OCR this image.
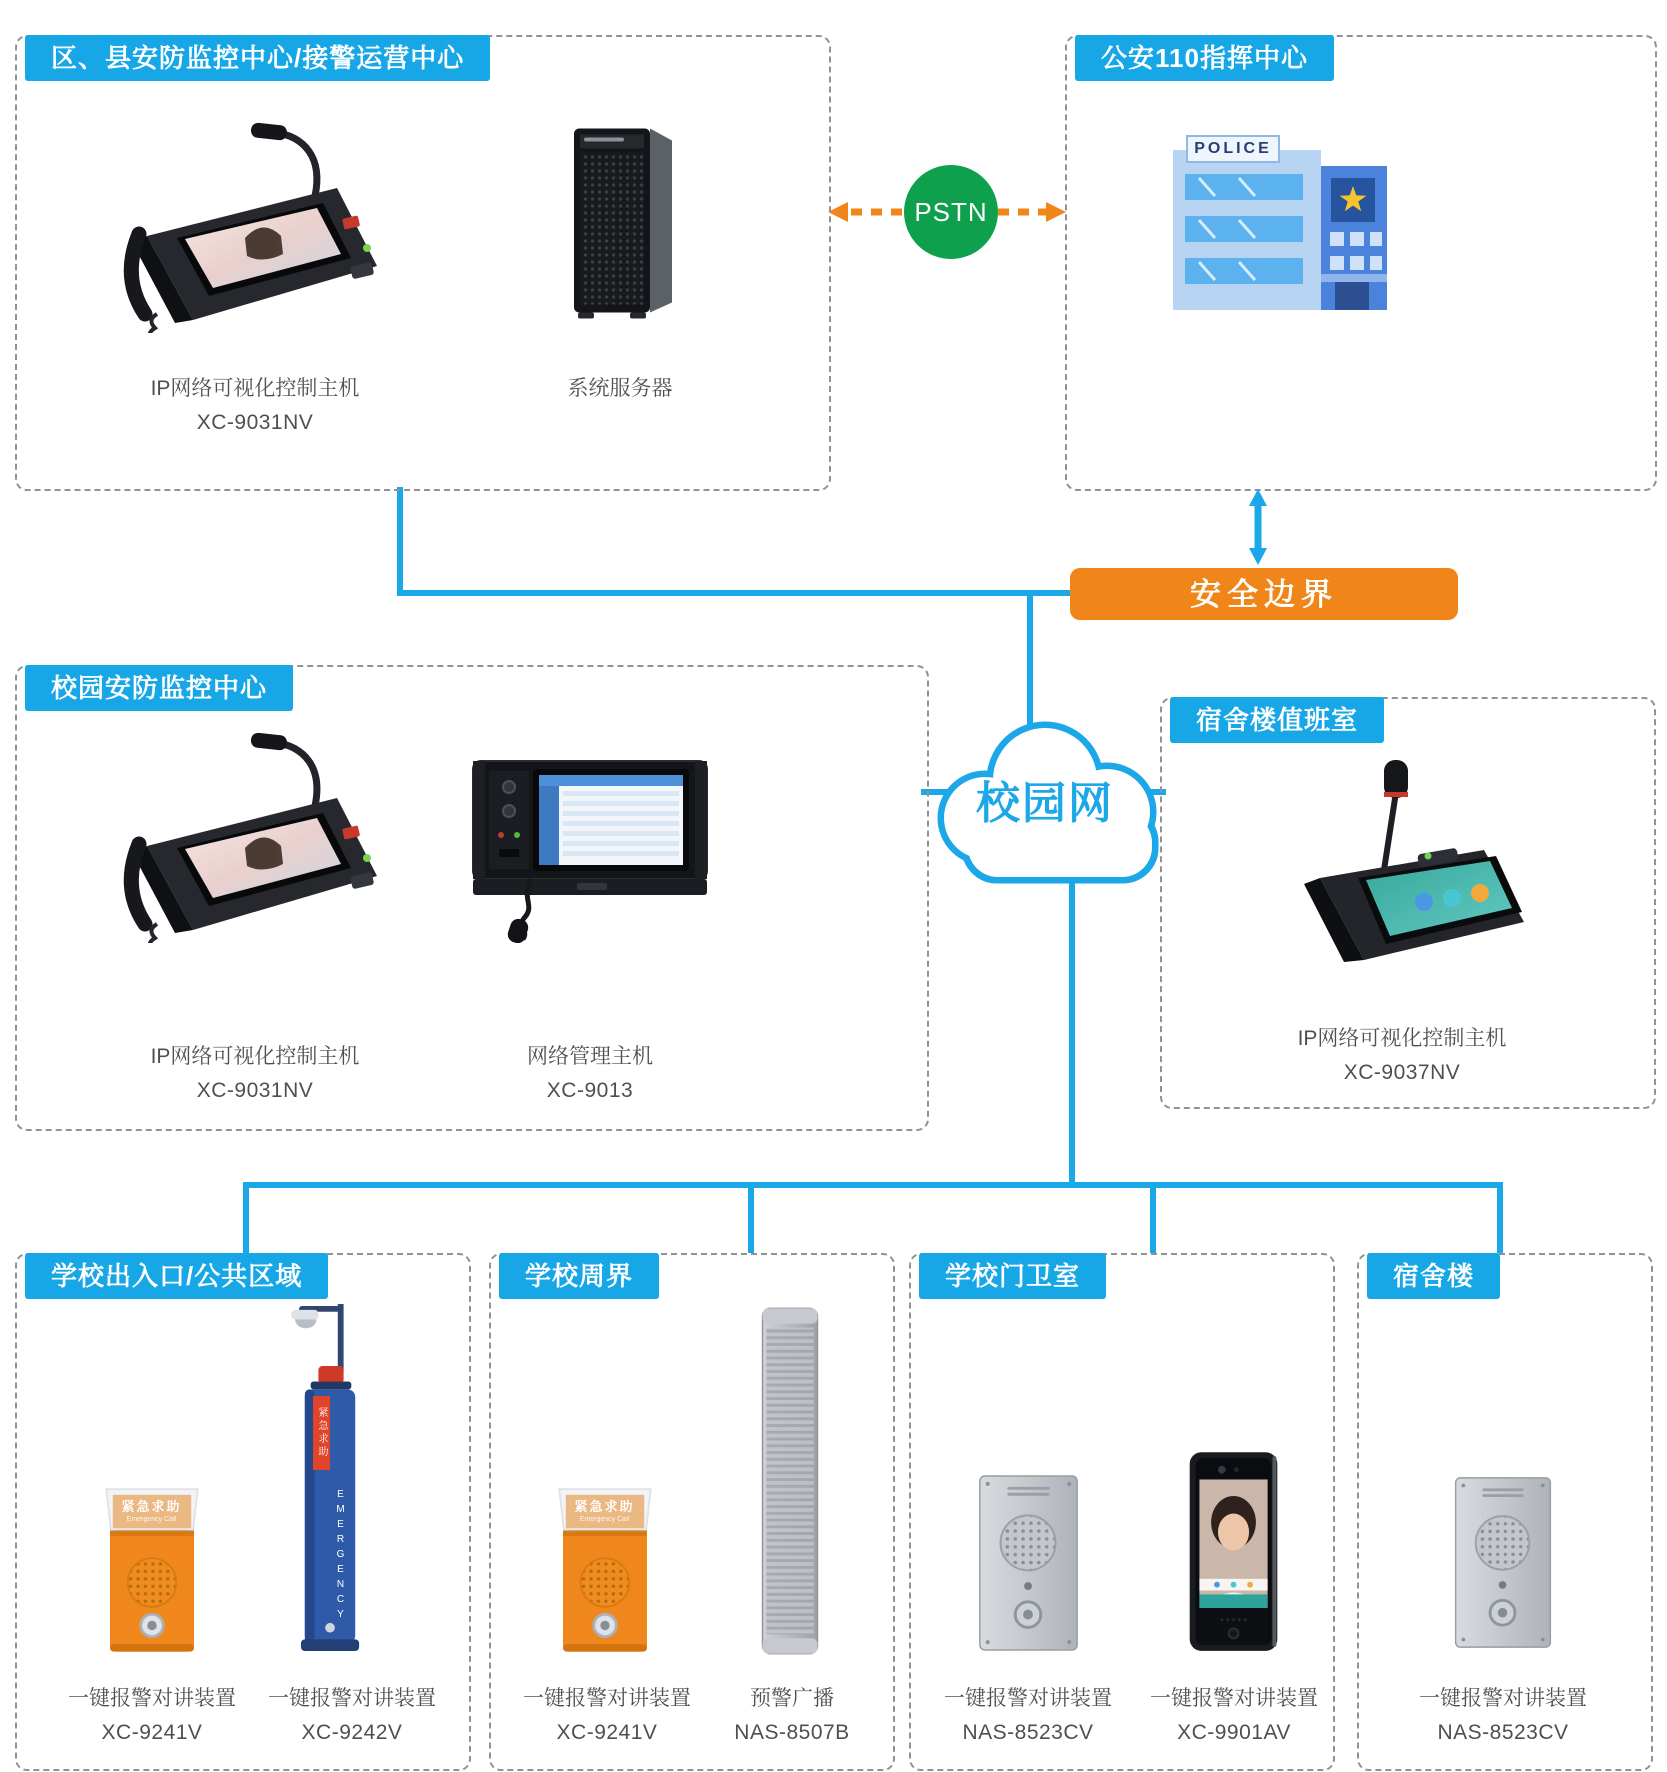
PSTN
安全边界
校园网
区、县安防监控中心/接警运营中心	公安110指挥中心
校园安防监控中心
宿舍楼值班室
学校出入口/公共区域	学校周界	学校门卫室	宿舍楼
IP网络可视化控制主机
XC-9031NV
系统服务器
POLICE
IP网络可视化控制主机
XC-9031NV
网络管理主机
XC-9013
IP网络可视化控制主机
XC-9037NV
紧急求助
Emergency Call
一键报警对讲装置
XC-9241V
紧急求助
EMERGENCY
一键报警对讲装置
XC-9242V
紧急求助
Emergency Call
一键报警对讲装置
XC-9241V
预警广播
NAS-8507B
一键报警对讲装置
NAS-8523CV
一键报警对讲装置
XC-9901AV
一键报警对讲装置
NAS-8523CV
